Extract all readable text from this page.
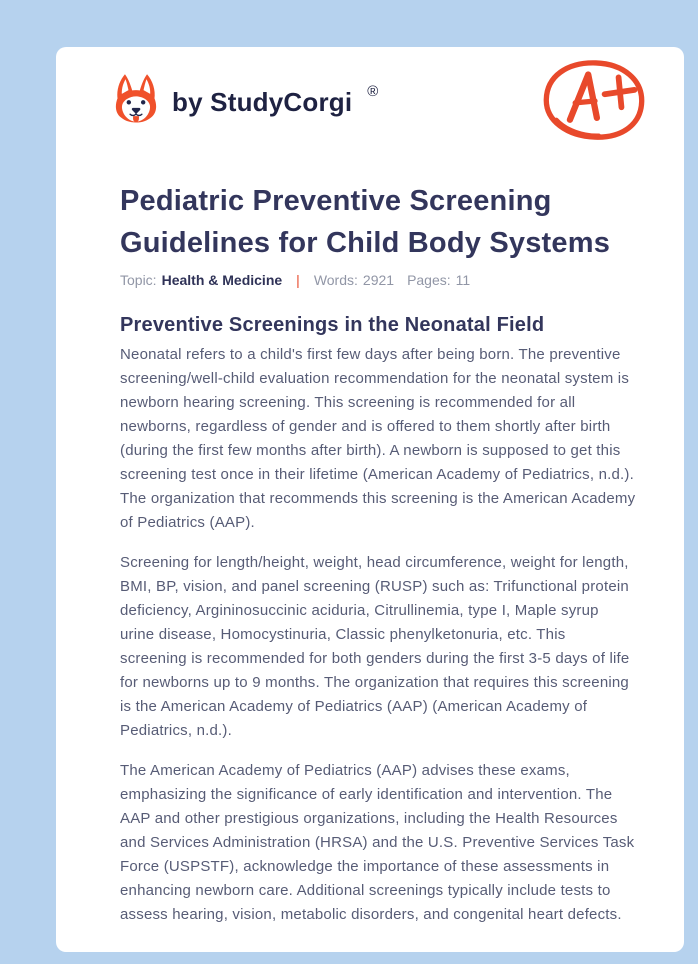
by StudyCorgi ®
Pediatric Preventive Screening
Guidelines for Child Body Systems
Topic: Health & Medicine | Words: 2921 Pages: 11
Preventive Screenings in the Neonatal Field

Neonatal refers to a child's first few days after being born. The preventive screening/well-child evaluation recommendation for the neonatal system is newborn hearing screening. This screening is recommended for all newborns, regardless of gender and is offered to them shortly after birth (during the first few months after birth). A newborn is supposed to get this screening test once in their lifetime (American Academy of Pediatrics, n.d.). The organization that recommends this screening is the American Academy of Pediatrics (AAP).

Screening for length/height, weight, head circumference, weight for length, BMI, BP, vision, and panel screening (RUSP) such as: Trifunctional protein deficiency, Argininosuccinic aciduria, Citrullinemia, type I, Maple syrup urine disease, Homocystinuria, Classic phenylketonuria, etc. This screening is recommended for both genders during the first 3-5 days of life for newborns up to 9 months. The organization that requires this screening is the American Academy of Pediatrics (AAP) (American Academy of Pediatrics, n.d.).

The American Academy of Pediatrics (AAP) advises these exams, emphasizing the significance of early identification and intervention. The AAP and other prestigious organizations, including the Health Resources and Services Administration (HRSA) and the U.S. Preventive Services Task Force (USPSTF), acknowledge the importance of these assessments in enhancing newborn care. Additional screenings typically include tests to assess hearing, vision, metabolic disorders, and congenital heart defects.
